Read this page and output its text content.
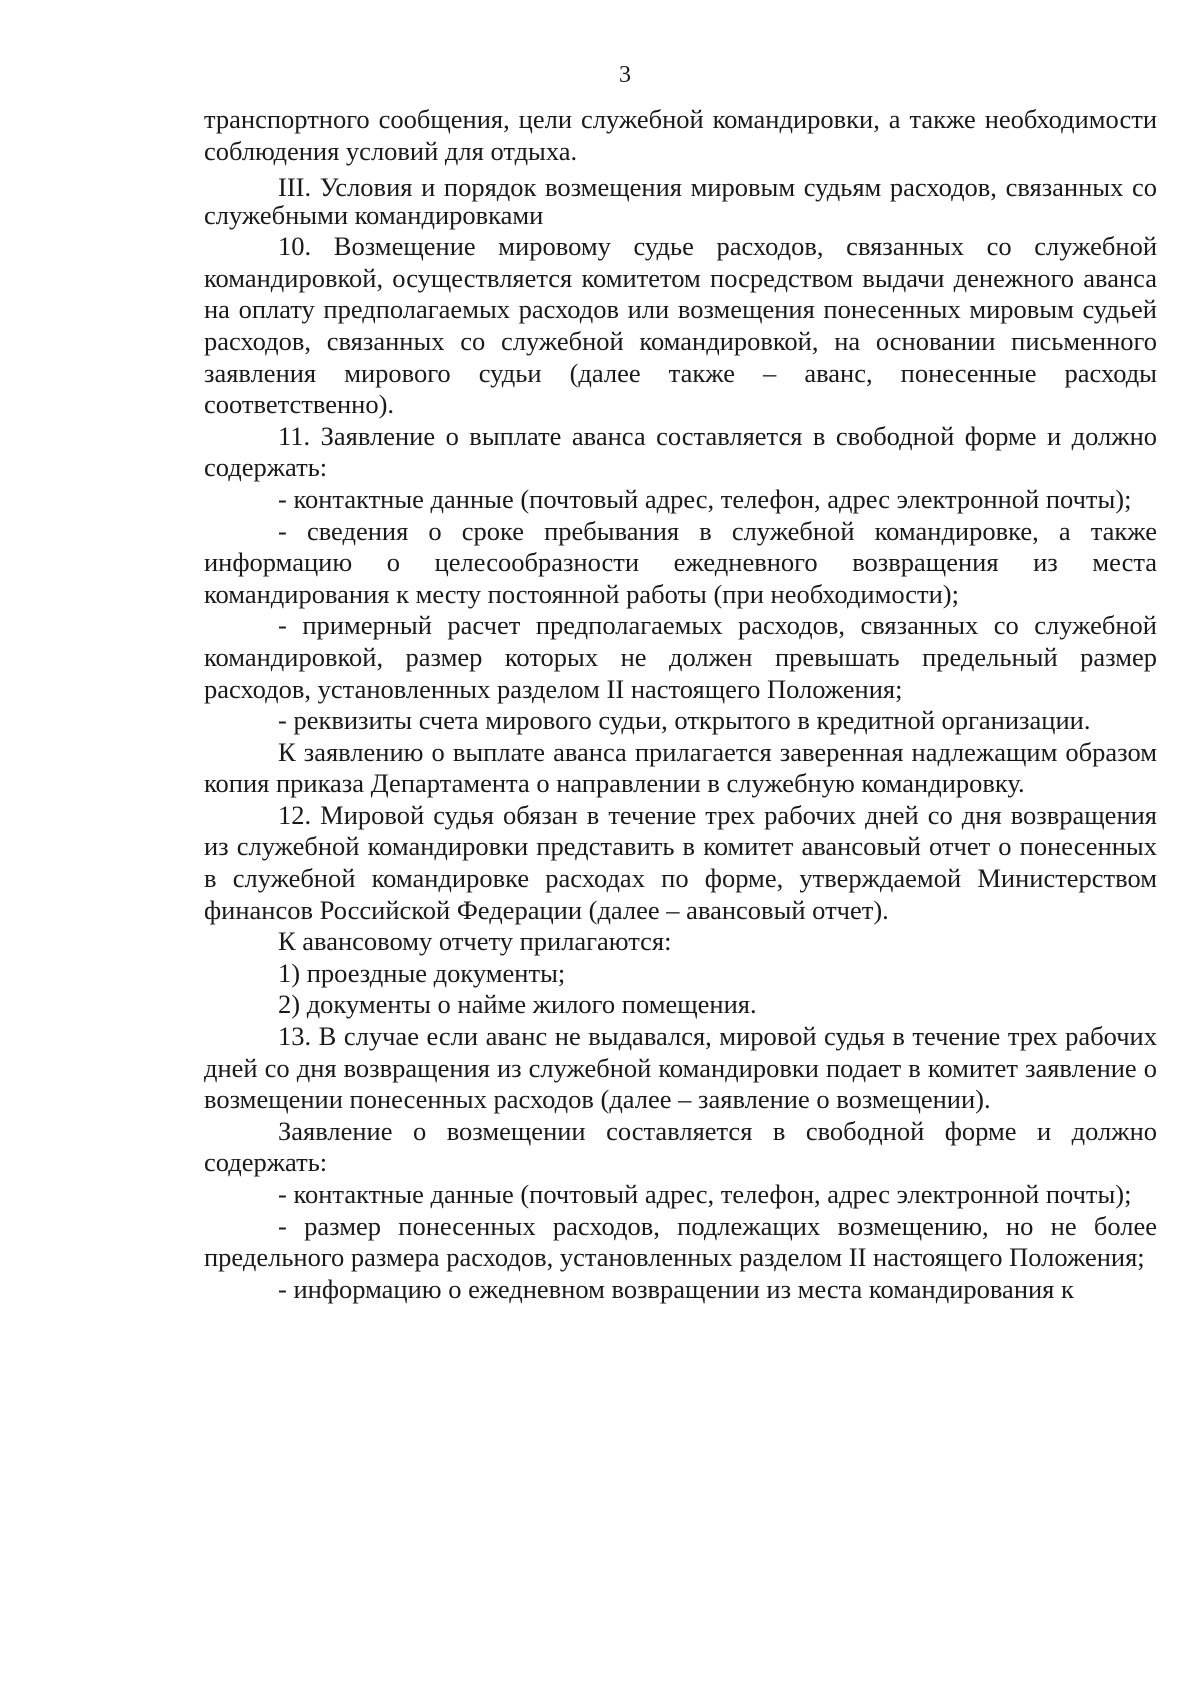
3

транспортного сообщения, цели служебной командировки, а также необходимости соблюдения условий для отдыха.

III. Условия и порядок возмещения мировым судьям расходов, связанных со служебными командировками

10. Возмещение мировому судье расходов, связанных со служебной командировкой, осуществляется комитетом посредством выдачи денежного аванса на оплату предполагаемых расходов или возмещения понесенных мировым судьей расходов, связанных со служебной командировкой, на основании письменного заявления мирового судьи (далее также – аванс, понесенные расходы соответственно).

11. Заявление о выплате аванса составляется в свободной форме и должно содержать:

- контактные данные (почтовый адрес, телефон, адрес электронной почты);

- сведения о сроке пребывания в служебной командировке, а также информацию о целесообразности ежедневного возвращения из места командирования к месту постоянной работы (при необходимости);

- примерный расчет предполагаемых расходов, связанных со служебной командировкой, размер которых не должен превышать предельный размер расходов, установленных разделом II настоящего Положения;

- реквизиты счета мирового судьи, открытого в кредитной организации.

К заявлению о выплате аванса прилагается заверенная надлежащим образом копия приказа Департамента о направлении в служебную командировку.

12. Мировой судья обязан в течение трех рабочих дней со дня возвращения из служебной командировки представить в комитет авансовый отчет о понесенных в служебной командировке расходах по форме, утверждаемой Министерством финансов Российской Федерации (далее – авансовый отчет).

К авансовому отчету прилагаются:

1) проездные документы;

2) документы о найме жилого помещения.

13. В случае если аванс не выдавался, мировой судья в течение трех рабочих дней со дня возвращения из служебной командировки подает в комитет заявление о возмещении понесенных расходов (далее – заявление о возмещении).

Заявление о возмещении составляется в свободной форме и должно содержать:

- контактные данные (почтовый адрес, телефон, адрес электронной почты);

- размер понесенных расходов, подлежащих возмещению, но не более предельного размера расходов, установленных разделом II настоящего Положения;

- информацию о ежедневном возвращении из места командирования к
